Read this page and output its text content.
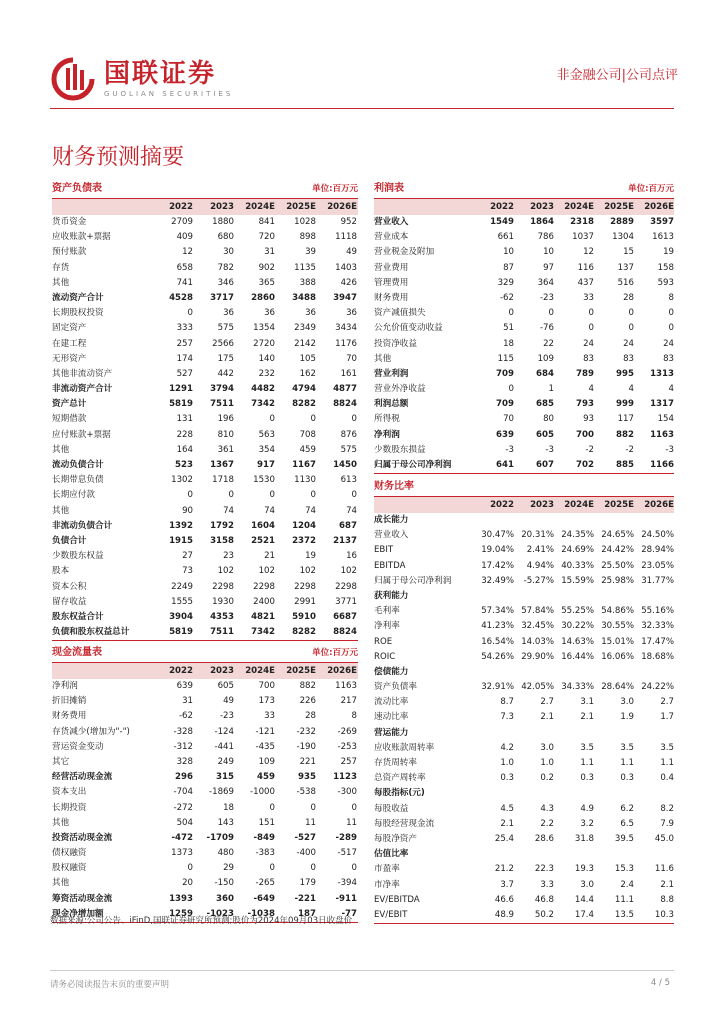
国联证券
GUOLIAN SECURITIES
非金融公司|公司点评
财务预测摘要
资产负债表	单位:百万元
2022	2023	2024E	2025E	2026E
货币资金	2709	1880	841	1028	952
应收账款+票据	409	680	720	898	1118
预付账款	12	30	31	39	49
存货	658	782	902	1135	1403
其他	741	346	365	388	426
流动资产合计	4528	3717	2860	3488	3947
长期股权投资	0	36	36	36	36
固定资产	333	575	1354	2349	3434
在建工程	257	2566	2720	2142	1176
无形资产	174	175	140	105	70
其他非流动资产	527	442	232	162	161
非流动资产合计	1291	3794	4482	4794	4877
资产总计	5819	7511	7342	8282	8824
短期借款	131	196	0	0	0
应付账款+票据	228	810	563	708	876
其他	164	361	354	459	575
流动负债合计	523	1367	917	1167	1450
长期带息负债	1302	1718	1530	1130	613
长期应付款	0	0	0	0	0
其他	90	74	74	74	74
非流动负债合计	1392	1792	1604	1204	687
负债合计	1915	3158	2521	2372	2137
少数股东权益	27	23	21	19	16
股本	73	102	102	102	102
资本公积	2249	2298	2298	2298	2298
留存收益	1555	1930	2400	2991	3771
股东权益合计	3904	4353	4821	5910	6687
负债和股东权益总计	5819	7511	7342	8282	8824
现金流量表	单位:百万元
2022	2023	2024E	2025E	2026E
净利润	639	605	700	882	1163
折旧摊销	31	49	173	226	217
财务费用	-62	-23	33	28	8
存货减少(增加为"-")	-328	-124	-121	-232	-269
营运资金变动	-312	-441	-435	-190	-253
其它	328	249	109	221	257
经营活动现金流	296	315	459	935	1123
资本支出	-704	-1869	-1000	-538	-300
长期投资	-272	18	0	0	0
其他	504	143	151	11	11
投资活动现金流	-472	-1709	-849	-527	-289
债权融资	1373	480	-383	-400	-517
股权融资	0	29	0	0	0
其他	20	-150	-265	179	-394
筹资活动现金流	1393	360	-649	-221	-911
现金净增加额	1259	-1023	-1038	187	-77
利润表	单位:百万元
2022	2023	2024E	2025E	2026E
营业收入	1549	1864	2318	2889	3597
营业成本	661	786	1037	1304	1613
营业税金及附加	10	10	12	15	19
营业费用	87	97	116	137	158
管理费用	329	364	437	516	593
财务费用	-62	-23	33	28	8
资产减值损失	0	0	0	0	0
公允价值变动收益	51	-76	0	0	0
投资净收益	18	22	24	24	24
其他	115	109	83	83	83
营业利润	709	684	789	995	1313
营业外净收益	0	1	4	4	4
利润总额	709	685	793	999	1317
所得税	70	80	93	117	154
净利润	639	605	700	882	1163
少数股东损益	-3	-3	-2	-2	-3
归属于母公司净利润	641	607	702	885	1166
财务比率
2022	2023	2024E	2025E	2026E
成长能力
营业收入	30.47% 20.31% 24.35% 24.65% 24.50%
EBIT	19.04%	2.41% 24.69% 24.42% 28.94%
EBITDA	17.42%	4.94% 40.33% 25.50% 23.05%
归属于母公司净利润	32.49%	-5.27% 15.59% 25.98% 31.77%
获利能力
毛利率	57.34% 57.84% 55.25% 54.86% 55.16%
净利率	41.23% 32.45% 30.22% 30.55% 32.33%
ROE	16.54% 14.03% 14.63% 15.01% 17.47%
ROIC	54.26% 29.90% 16.44% 16.06% 18.68%
偿债能力
资产负债率	32.91% 42.05% 34.33% 28.64% 24.22%
流动比率	8.7	2.7	3.1	3.0	2.7
速动比率	7.3	2.1	2.1	1.9	1.7
营运能力
应收账款周转率	4.2	3.0	3.5	3.5	3.5
存货周转率	1.0	1.0	1.1	1.1	1.1
总资产周转率	0.3	0.2	0.3	0.3	0.4
每股指标(元)
每股收益	4.5	4.3	4.9	6.2	8.2
每股经营现金流	2.1	2.2	3.2	6.5	7.9
每股净资产	25.4	28.6	31.8	39.5	45.0
估值比率
市盈率	21.2	22.3	19.3	15.3	11.6
市净率	3.7	3.3	3.0	2.4	2.1
EV/EBITDA	46.6	46.8	14.4	11.1	8.8
EV/EBIT	48.9	50.2	17.4	13.5	10.3
数据来源:公司公告、iFinD,国联证券研究所预测;股价为2024年09月03日收盘价
请务必阅读报告末页的重要声明	4 / 5
